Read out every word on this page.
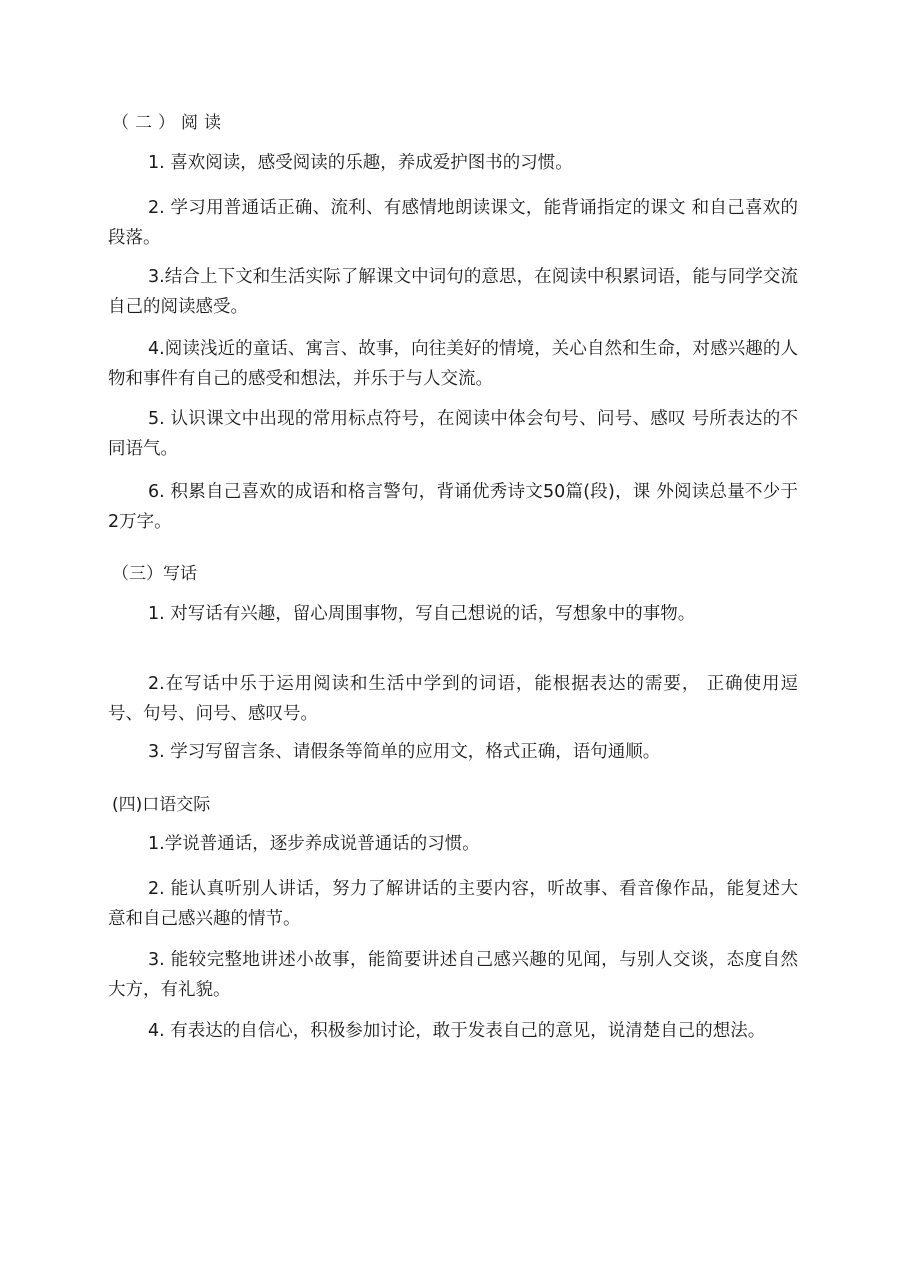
（二）阅读
1. 喜欢阅读，感受阅读的乐趣，养成爱护图书的习惯。
2. 学习用普通话正确、流利、有感情地朗读课文，能背诵指定的课文 和自己喜欢的段落。
3.结合上下文和生活实际了解课文中词句的意思，在阅读中积累词语，能与同学交流自己的阅读感受。
4.阅读浅近的童话、寓言、故事，向往美好的情境，关心自然和生命，对感兴趣的人物和事件有自己的感受和想法，并乐于与人交流。
5. 认识课文中出现的常用标点符号，在阅读中体会句号、问号、感叹 号所表达的不同语气。
6. 积累自己喜欢的成语和格言警句，背诵优秀诗文50篇(段)，课 外阅读总量不少于2万字。
（三）写话
1. 对写话有兴趣，留心周围事物，写自己想说的话，写想象中的事物。
2.在写话中乐于运用阅读和生活中学到的词语，能根据表达的需要， 正确使用逗号、句号、问号、感叹号。
3. 学习写留言条、请假条等简单的应用文，格式正确，语句通顺。
(四)口语交际
1.学说普通话，逐步养成说普通话的习惯。
2. 能认真听别人讲话，努力了解讲话的主要内容，听故事、看音像作品，能复述大意和自己感兴趣的情节。
3. 能较完整地讲述小故事，能简要讲述自己感兴趣的见闻，与别人交谈，态度自然大方，有礼貌。
4. 有表达的自信心，积极参加讨论，敢于发表自己的意见，说清楚自己的想法。
